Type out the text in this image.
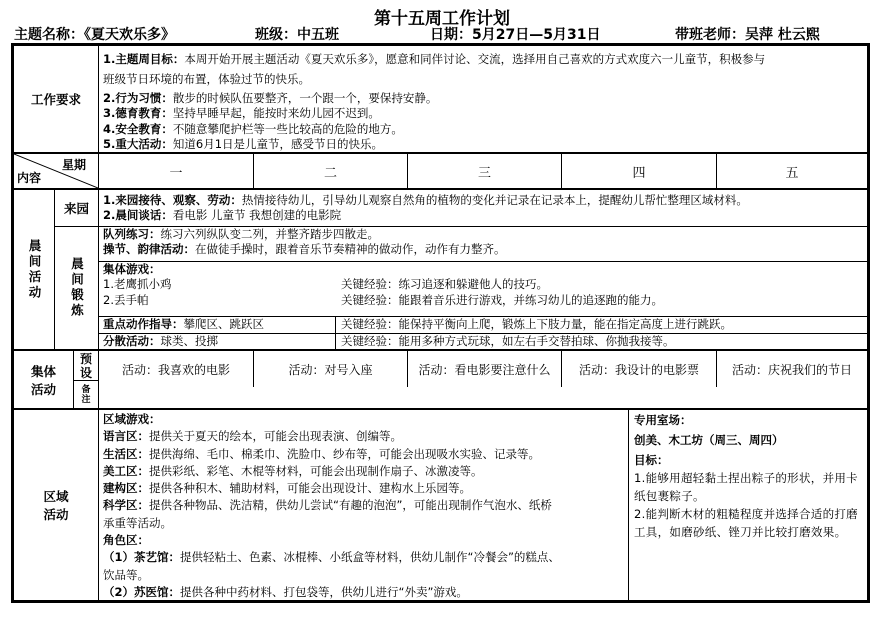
第十五周工作计划
主题名称：《夏天欢乐多》	班级：中五班	日期：5月27日—5月31日	带班老师：吴萍 杜云熙
工作要求
1.主题周目标：本周开始开展主题活动《夏天欢乐多》，愿意和同伴讨论、交流，选择用自己喜欢的方式欢度六一儿童节，积极参与
班级节日环境的布置，体验过节的快乐。
2.行为习惯：散步的时候队伍要整齐，一个跟一个，要保持安静。
3.德育教育：坚持早睡早起，能按时来幼儿园不迟到。
4.安全教育：不随意攀爬护栏等一些比较高的危险的地方。
5.重大活动：知道6月1日是儿童节，感受节日的快乐。
星期
内容	一	二	三	四	五
晨间活动
来园
1.来园接待、观察、劳动：热情接待幼儿，引导幼儿观察自然角的植物的变化并记录在记录本上，提醒幼儿帮忙整理区域材料。
2.晨间谈话：看电影 儿童节 我想创建的电影院
晨间锻炼
队列练习：练习六列纵队变二列，并整齐踏步四散走。
操节、韵律活动：在做徒手操时，跟着音乐节奏精神的做动作，动作有力整齐。
集体游戏：
1.老鹰抓小鸡	关键经验：练习追逐和躲避他人的技巧。
2.丢手帕	关键经验：能跟着音乐进行游戏，并练习幼儿的追逐跑的能力。
重点动作指导：攀爬区、跳跃区	关键经验：能保持平衡向上爬，锻炼上下肢力量，能在指定高度上进行跳跃。
分散活动：球类、投掷	关键经验：能用多种方式玩球，如左右手交替拍球、你抛我接等。
集体活动
预设
备注
活动：我喜欢的电影	活动：对号入座	活动：看电影要注意什么	活动：我设计的电影票	活动：庆祝我们的节日
区域活动
区域游戏：
语言区：提供关于夏天的绘本，可能会出现表演、创编等。
生活区：提供海绵、毛巾、棉柔巾、洗脸巾、纱布等，可能会出现吸水实验、记录等。
美工区：提供彩纸、彩笔、木棍等材料，可能会出现制作扇子、冰激凌等。
建构区：提供各种积木、辅助材料，可能会出现设计、建构水上乐园等。
科学区：提供各种物品、洗洁精，供幼儿尝试“有趣的泡泡”，可能出现制作气泡水、纸桥
承重等活动。
角色区：
（1）茶艺馆：提供轻粘土、色素、冰棍棒、小纸盒等材料，供幼儿制作“冷餐会”的糕点、
饮品等。
（2）苏医馆：提供各种中药材料、打包袋等，供幼儿进行“外卖”游戏。
专用室场：
创美、木工坊（周三、周四）
目标：
1.能够用超轻黏土捏出粽子的形状，并用卡纸包裹粽子。
2.能判断木材的粗糙程度并选择合适的打磨工具，如磨砂纸、锉刀并比较打磨效果。
